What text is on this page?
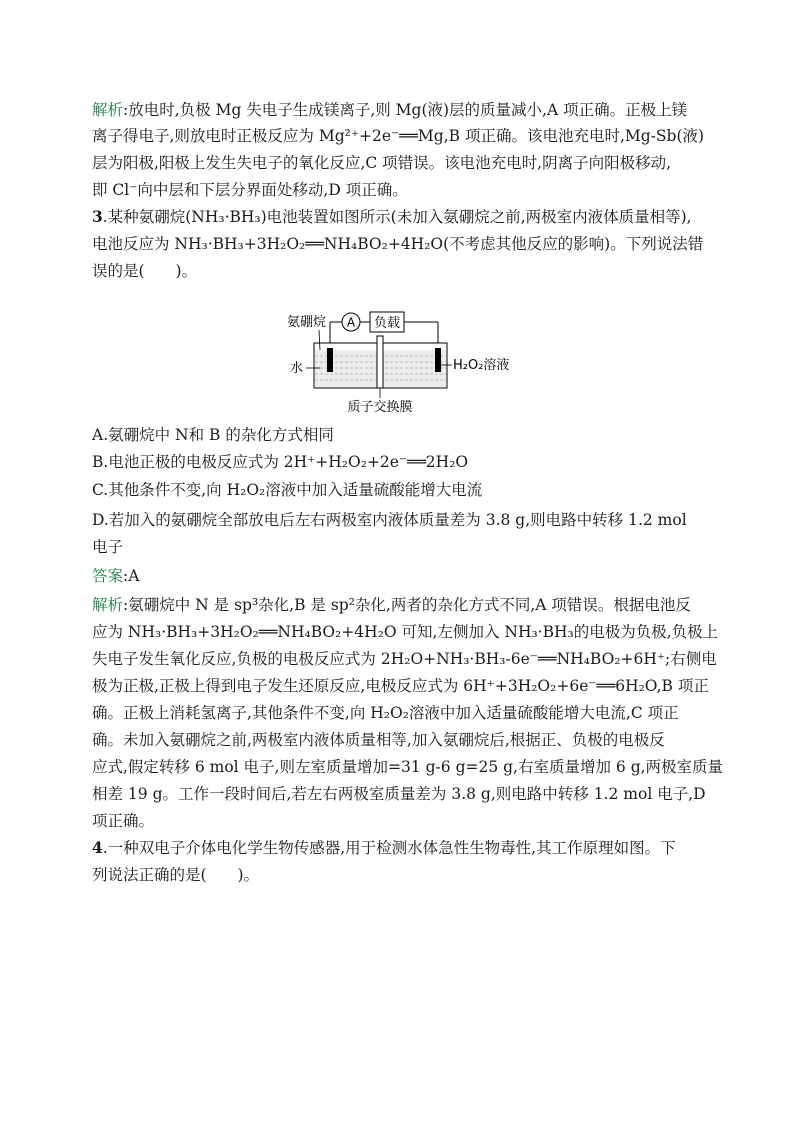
解析:放电时,负极 Mg 失电子生成镁离子,则 Mg(液)层的质量减小,A 项正确。正极上镁
离子得电子,则放电时正极反应为 Mg²⁺+2e⁻══Mg,B 项正确。该电池充电时,Mg-Sb(液)
层为阳极,阳极上发生失电子的氧化反应,C 项错误。该电池充电时,阴离子向阳极移动,
即 Cl⁻向中层和下层分界面处移动,D 项正确。
3.某种氨硼烷(NH₃·BH₃)电池装置如图所示(未加入氨硼烷之前,两极室内液体质量相等),
电池反应为 NH₃·BH₃+3H₂O₂══NH₄BO₂+4H₂O(不考虑其他反应的影响)。下列说法错
误的是(　　)。
A 负载
氨硼烷
水	H₂O₂溶液
质子交换膜
A.氨硼烷中 N和 B 的杂化方式相同
B.电池正极的电极反应式为 2H⁺+H₂O₂+2e⁻══2H₂O
C.其他条件不变,向 H₂O₂溶液中加入适量硫酸能增大电流
D.若加入的氨硼烷全部放电后左右两极室内液体质量差为 3.8 g,则电路中转移 1.2 mol
电子
答案:A
解析:氨硼烷中 N 是 sp³杂化,B 是 sp²杂化,两者的杂化方式不同,A 项错误。根据电池反
应为 NH₃·BH₃+3H₂O₂══NH₄BO₂+4H₂O 可知,左侧加入 NH₃·BH₃的电极为负极,负极上
失电子发生氧化反应,负极的电极反应式为 2H₂O+NH₃·BH₃-6e⁻══NH₄BO₂+6H⁺;右侧电
极为正极,正极上得到电子发生还原反应,电极反应式为 6H⁺+3H₂O₂+6e⁻══6H₂O,B 项正
确。正极上消耗氢离子,其他条件不变,向 H₂O₂溶液中加入适量硫酸能增大电流,C 项正
确。未加入氨硼烷之前,两极室内液体质量相等,加入氨硼烷后,根据正、负极的电极反
应式,假定转移 6 mol 电子,则左室质量增加=31 g-6 g=25 g,右室质量增加 6 g,两极室质量
相差 19 g。工作一段时间后,若左右两极室质量差为 3.8 g,则电路中转移 1.2 mol 电子,D
项正确。
4.一种双电子介体电化学生物传感器,用于检测水体急性生物毒性,其工作原理如图。下
列说法正确的是(　　)。
